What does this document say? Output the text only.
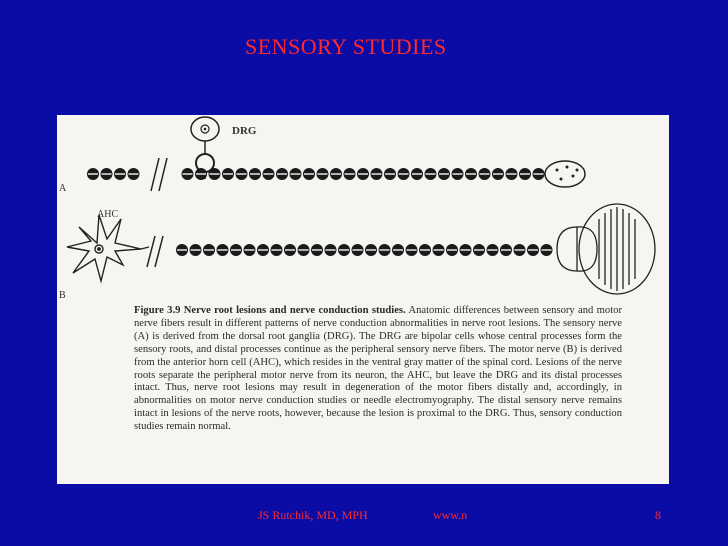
SENSORY STUDIES
DRG
AHC
A
B
Figure 3.9 Nerve root lesions and nerve conduction studies. Anatomic differences between sensory and motor nerve fibers result in different patterns of nerve conduction abnormalities in nerve root lesions. The sensory nerve (A) is derived from the dorsal root ganglia (DRG). The DRG are bipolar cells whose central processes form the sensory roots, and distal processes continue as the peripheral sensory nerve fibers. The motor nerve (B) is derived from the anterior horn cell (AHC), which resides in the ventral gray matter of the spinal cord. Lesions of the nerve roots separate the peripheral motor nerve from its neuron, the AHC, but leave the DRG and its distal processes intact. Thus, nerve root lesions may result in degeneration of the motor fibers distally and, accordingly, in abnormalities on motor nerve conduction studies or needle electromyography. The distal sensory nerve remains intact in lesions of the nerve roots, however, because the lesion is proximal to the DRG. Thus, sensory conduction studies remain normal.
JS Rutchik, MD, MPH	www.n	8
